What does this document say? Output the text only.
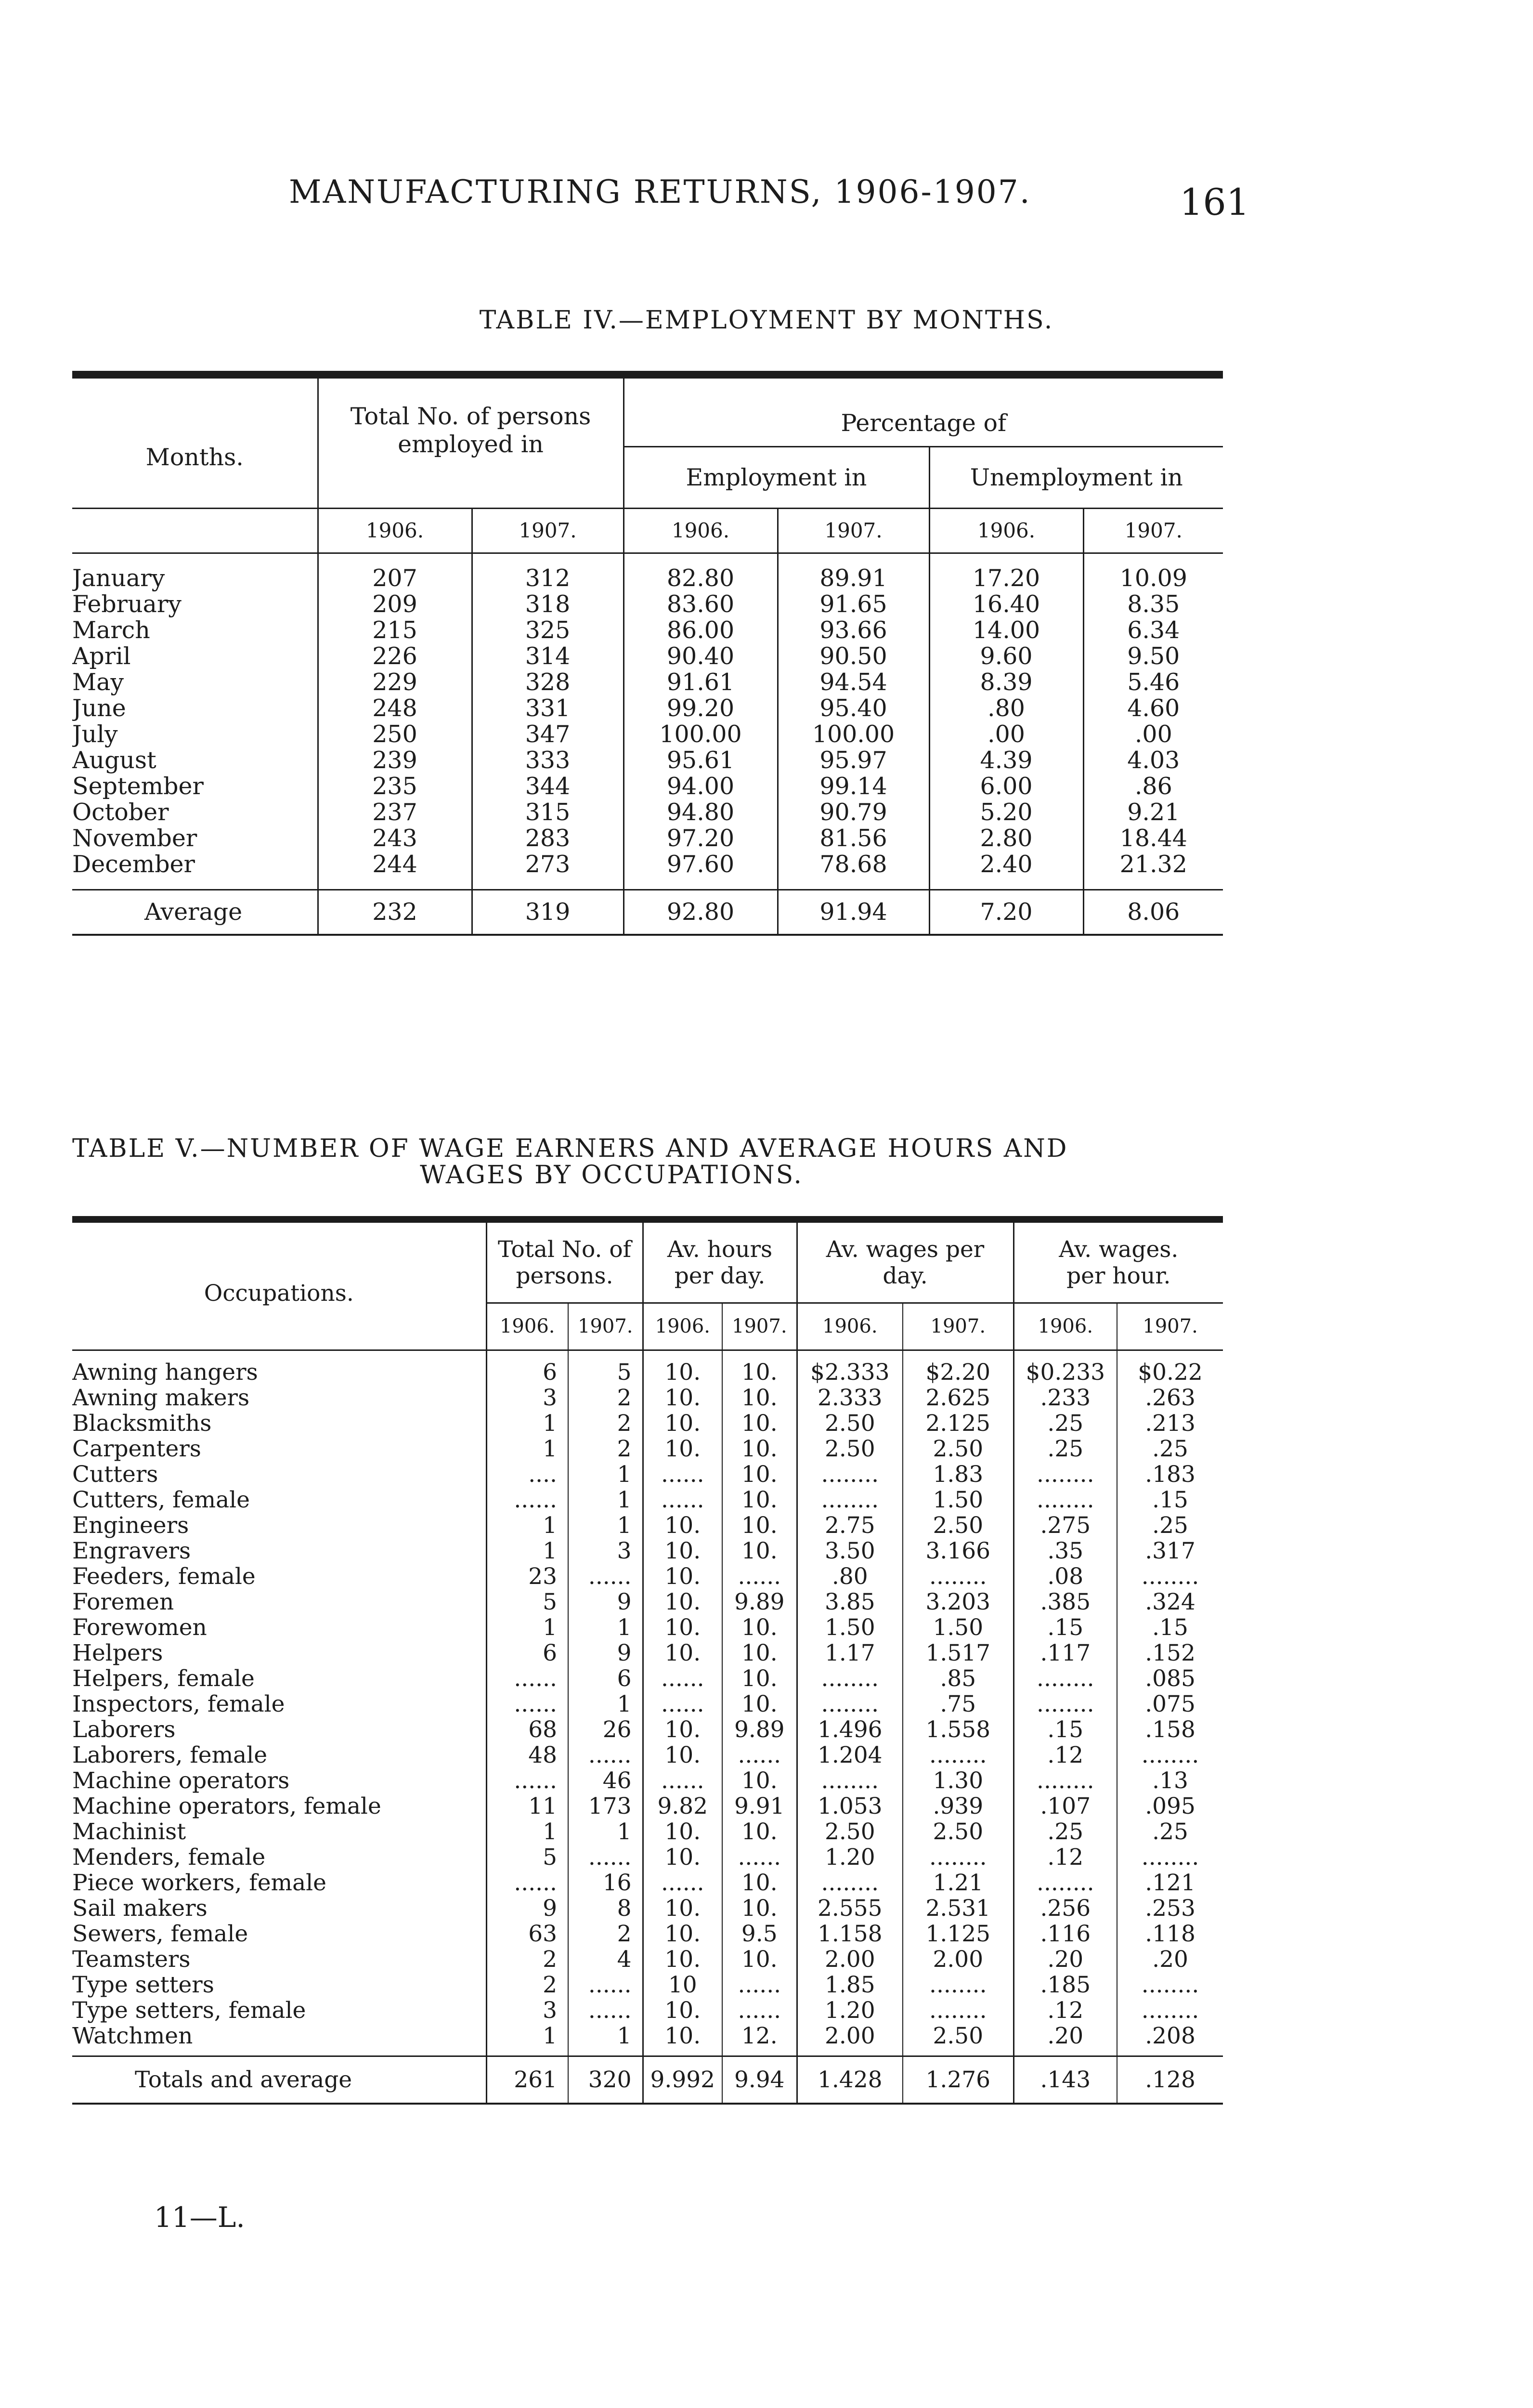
MANUFACTURING RETURNS, 1906-1907.	161
TABLE IV.—EMPLOYMENT BY MONTHS.
Months.	Total No. of persons employed in		Percentage of			
			Employment in		Unemployment in	
	1906.	1907.	1906.	1907.	1906.	1907.
January	207	312	82.80	89.91	17.20	10.09
February	209	318	83.60	91.65	16.40	8.35
March	215	325	86.00	93.66	14.00	6.34
April	226	314	90.40	90.50	9.60	9.50
May	229	328	91.61	94.54	8.39	5.46
June	248	331	99.20	95.40	.80	4.60
July	250	347	100.00	100.00	.00	.00
August	239	333	95.61	95.97	4.39	4.03
September	235	344	94.00	99.14	6.00	.86
October	237	315	94.80	90.79	5.20	9.21
November	243	283	97.20	81.56	2.80	18.44
December	244	273	97.60	78.68	2.40	21.32
Average	232	319	92.80	91.94	7.20	8.06
TABLE V.—NUMBER OF WAGE EARNERS AND AVERAGE HOURS AND
WAGES BY OCCUPATIONS.
Occupations.	Total No. of persons.		Av. hours per day.		Av. wages per day.		Av. wages. per hour.	
	1906.	1907.	1906.	1907.	1906.	1907.	1906.	1907.
Awning hangers	6	5	10.	10.	$2.333	$2.20	$0.233	$0.22
Awning makers	3	2	10.	10.	2.333	2.625	.233	.263
Blacksmiths	1	2	10.	10.	2.50	2.125	.25	.213
Carpenters	1	2	10.	10.	2.50	2.50	.25	.25
Cutters	....	1	......	10.	........	1.83	........	.183
Cutters, female	......	1	......	10.	........	1.50	........	.15
Engineers	1	1	10.	10.	2.75	2.50	.275	.25
Engravers	1	3	10.	10.	3.50	3.166	.35	.317
Feeders, female	23	......	10.	......	.80	........	.08	........
Foremen	5	9	10.	9.89	3.85	3.203	.385	.324
Forewomen	1	1	10.	10.	1.50	1.50	.15	.15
Helpers	6	9	10.	10.	1.17	1.517	.117	.152
Helpers, female	......	6	......	10.	........	.85	........	.085
Inspectors, female	......	1	......	10.	........	.75	........	.075
Laborers	68	26	10.	9.89	1.496	1.558	.15	.158
Laborers, female	48	......	10.	......	1.204	........	.12	........
Machine operators	......	46	......	10.	........	1.30	........	.13
Machine operators, female	11	173	9.82	9.91	1.053	.939	.107	.095
Machinist	1	1	10.	10.	2.50	2.50	.25	.25
Menders, female	5	......	10.	......	1.20	........	.12	........
Piece workers, female	......	16	......	10.	........	1.21	........	.121
Sail makers	9	8	10.	10.	2.555	2.531	.256	.253
Sewers, female	63	2	10.	9.5	1.158	1.125	.116	.118
Teamsters	2	4	10.	10.	2.00	2.00	.20	.20
Type setters	2	......	10	......	1.85	........	.185	........
Type setters, female	3	......	10.	......	1.20	........	.12	........
Watchmen	1	1	10.	12.	2.00	2.50	.20	.208
Totals and average	261	320	9.992	9.94	1.428	1.276	.143	.128
11—L.
